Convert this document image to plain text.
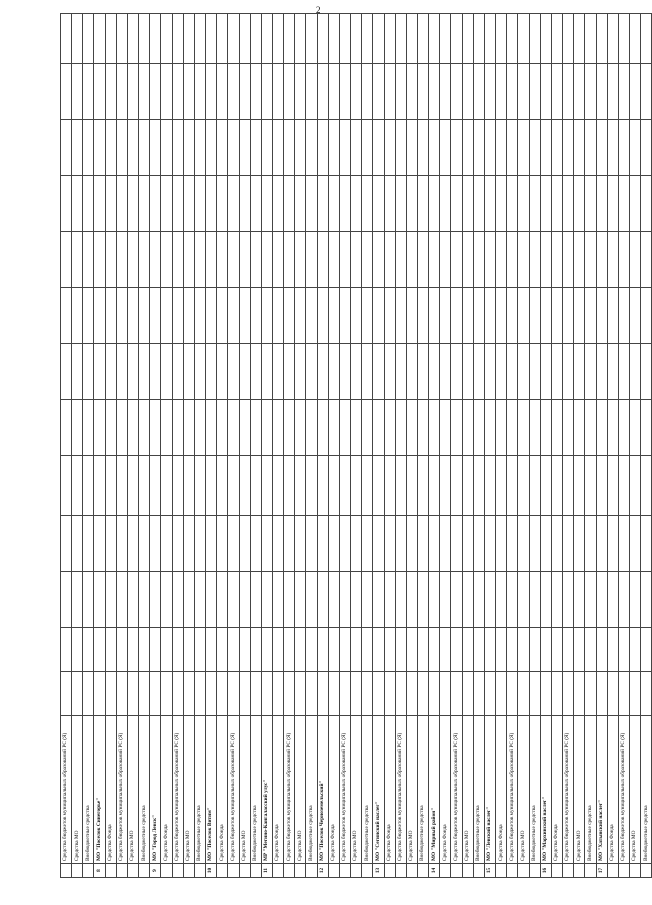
2
	Средства бюджетов муниципальных образований РС (Я)													
	Средства МО													
	Внебюджетные средства													
8	МО "Поселок Синегорье"													
	Средства Фонда													
	Средства бюджетов муниципальных образований РС (Я)													
	Средства МО													
	Внебюджетные средства													
9	МО "Город Ленск"													
	Средства Фонда													
	Средства бюджетов муниципальных образований РС (Я)													
	Средства МО													
	Внебюджетные средства													
10	МО "Поселок Витим"													
	Средства Фонда													
	Средства бюджетов муниципальных образований РС (Я)													
	Средства МО													
	Внебюджетные средства													
11	МР "Мегино-Кангаласский улус"													
	Средства Фонда													
	Средства бюджетов муниципальных образований РС (Я)													
	Средства МО													
	Внебюджетные средства													
12	МО "Поселок Черноземельский"													
	Средства Фонда													
	Средства бюджетов муниципальных образований РС (Я)													
	Средства МО													
	Внебюджетные средства													
13	МО "Сегинский наслег"													
	Средства Фонда													
	Средства бюджетов муниципальных образований РС (Я)													
	Средства МО													
	Внебюджетные средства													
14	МО "Мирный район"													
	Средства Фонда													
	Средства бюджетов муниципальных образований РС (Я)													
	Средства МО													
	Внебюджетные средства													
15	МО "Ленский наслег"													
	Средства Фонда													
	Средства бюджетов муниципальных образований РС (Я)													
	Средства МО													
	Внебюджетные средства													
16	МО "Мархинский наслег"													
	Средства Фонда													
	Средства бюджетов муниципальных образований РС (Я)													
	Средства МО													
	Внебюджетные средства													
17	МО "Хатынский наслег"													
	Средства Фонда													
	Средства бюджетов муниципальных образований РС (Я)													
	Средства МО													
	Внебюджетные средства													
